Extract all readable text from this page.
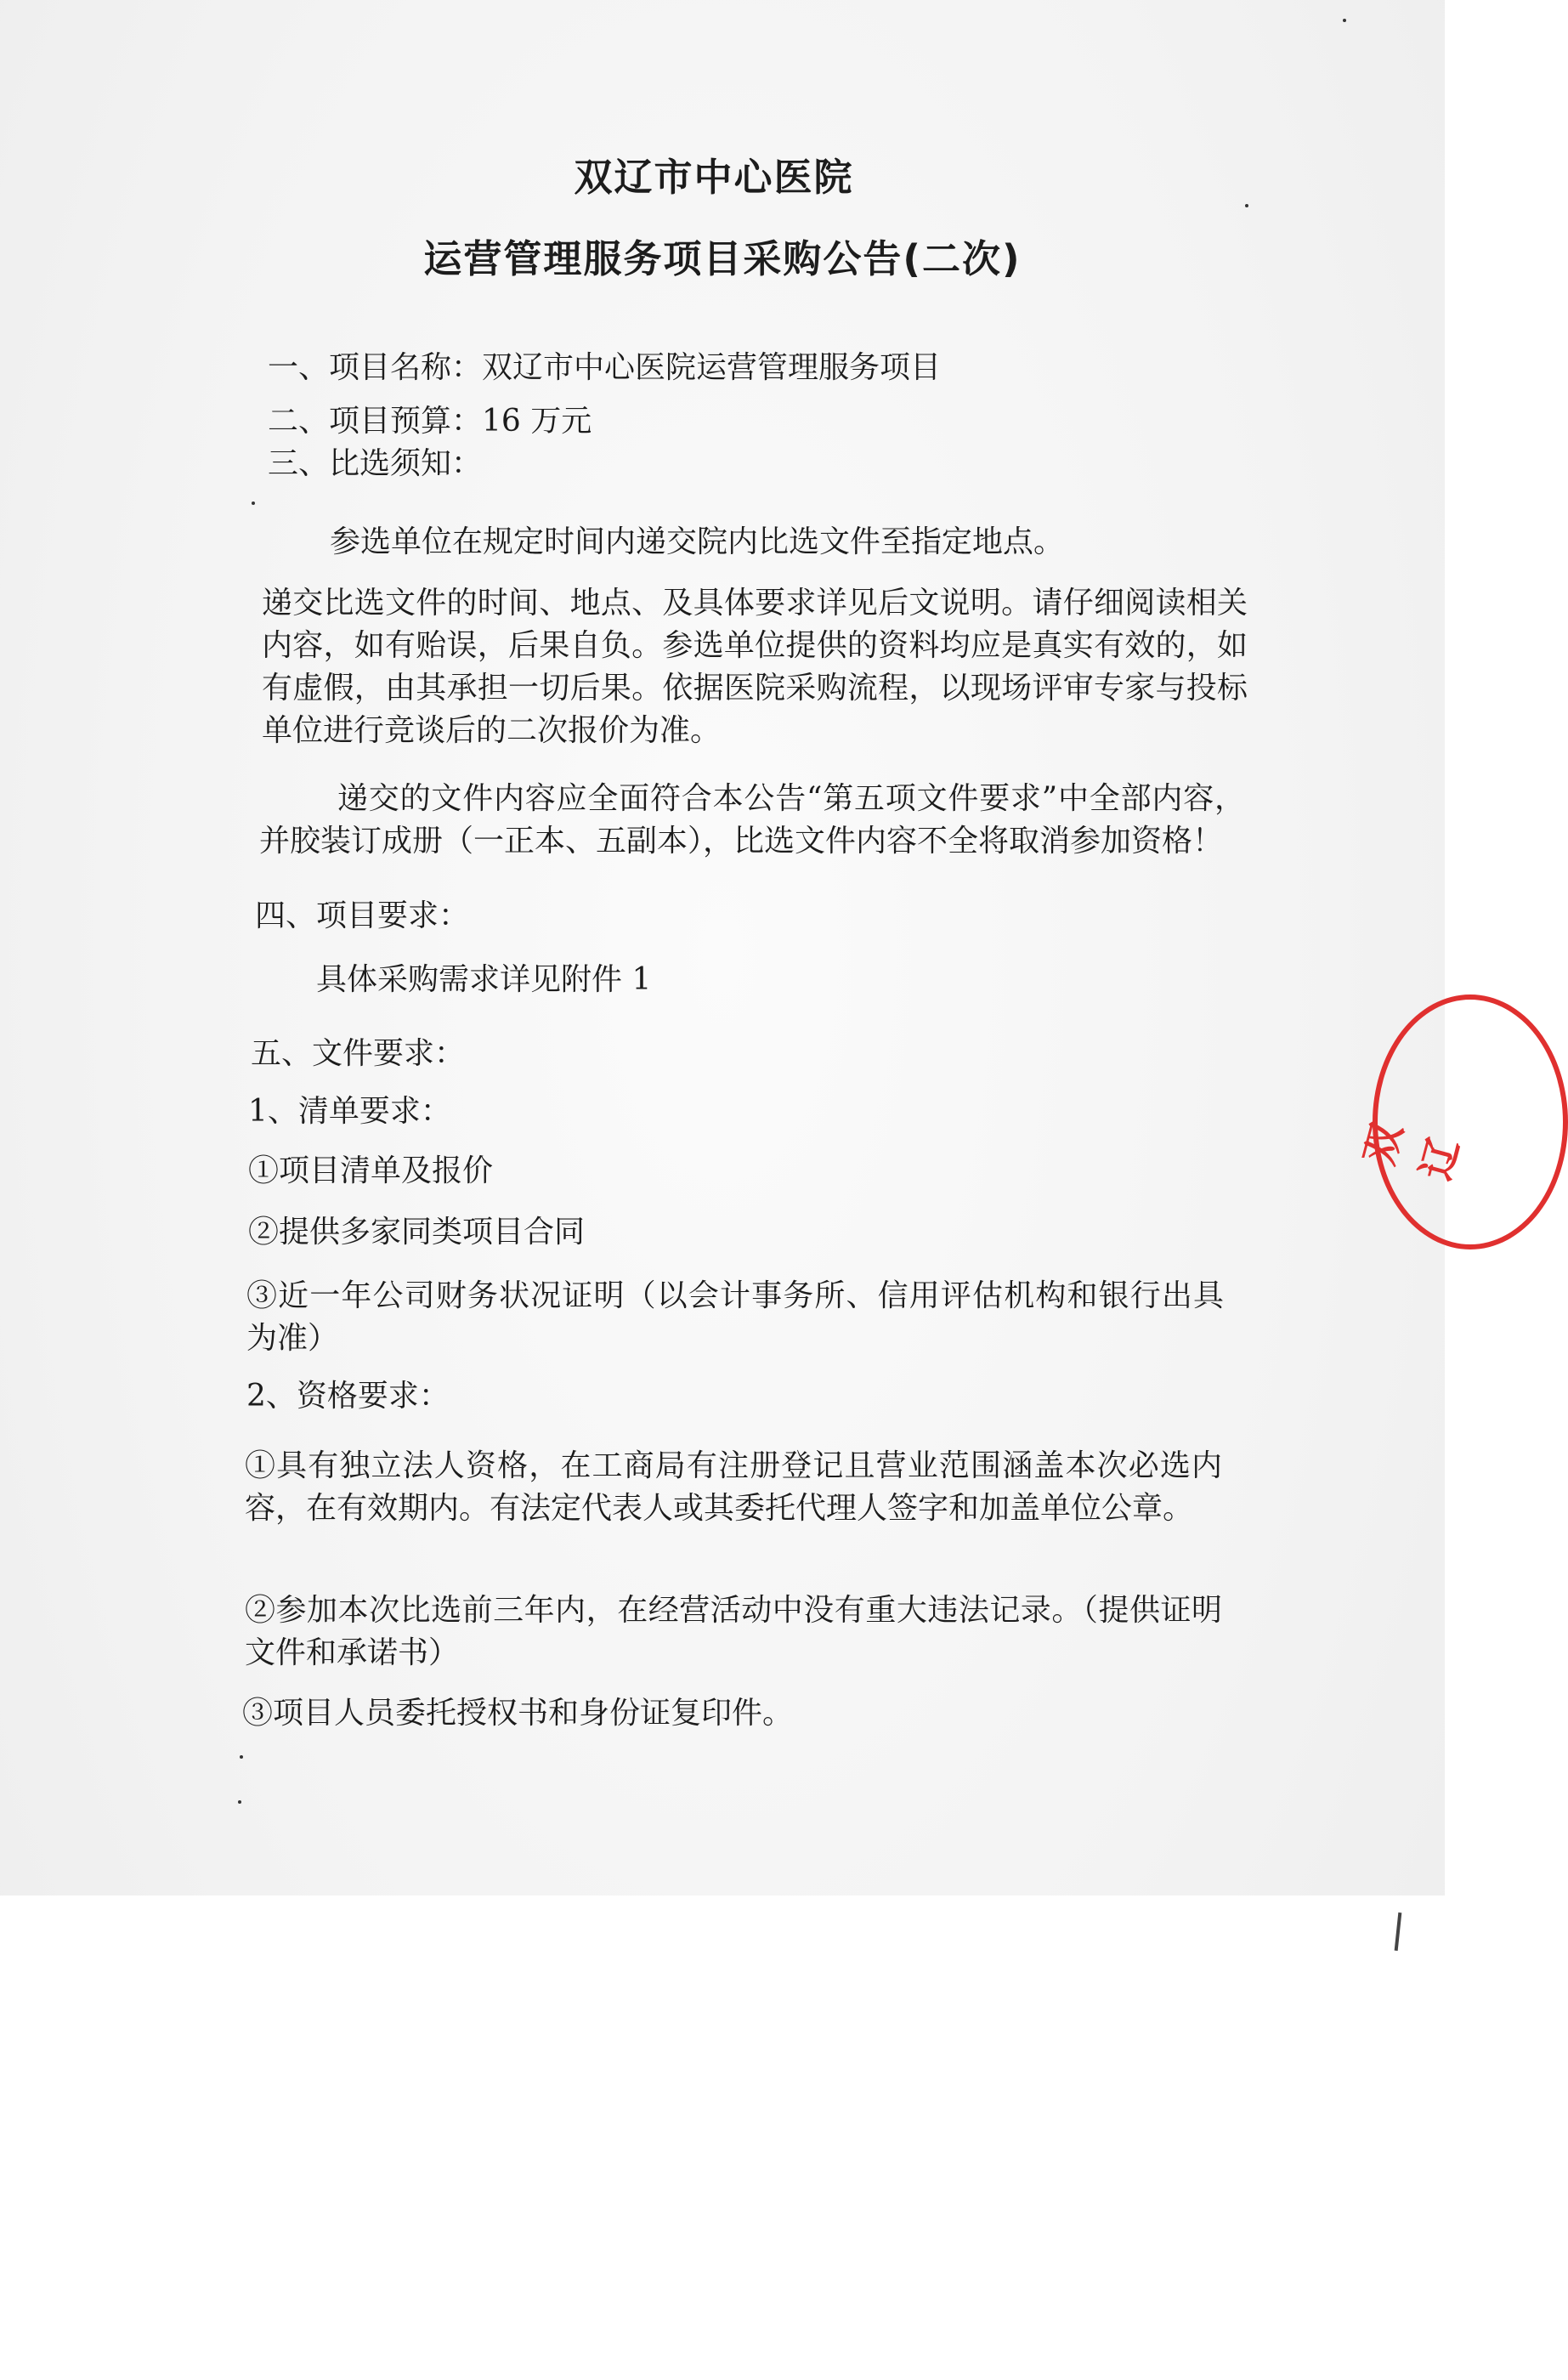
双辽市中心医院
运营管理服务项目采购公告(二次)
一、项目名称：双辽市中心医院运营管理服务项目
二、项目预算：16 万元
三、比选须知：
参选单位在规定时间内递交院内比选文件至指定地点。
递交比选文件的时间、地点、及具体要求详见后文说明。请仔细阅读相关内容，如有贻误，后果自负。参选单位提供的资料均应是真实有效的，如有虚假，由其承担一切后果。依据医院采购流程，以现场评审专家与投标单位进行竞谈后的二次报价为准。
递交的文件内容应全面符合本公告“第五项文件要求”中全部内容，并胶装订成册（一正本、五副本），比选文件内容不全将取消参加资格！
四、项目要求：
具体采购需求详见附件 1
五、文件要求：
1、清单要求：
①项目清单及报价
②提供多家同类项目合同
③近一年公司财务状况证明（以会计事务所、信用评估机构和银行出具为准）
2、资格要求：
①具有独立法人资格，在工商局有注册登记且营业范围涵盖本次必选内容，在有效期内。有法定代表人或其委托代理人签字和加盖单位公章。
②参加本次比选前三年内，在经营活动中没有重大违法记录。（提供证明文件和承诺书）
③项目人员委托授权书和身份证复印件。
双辽
